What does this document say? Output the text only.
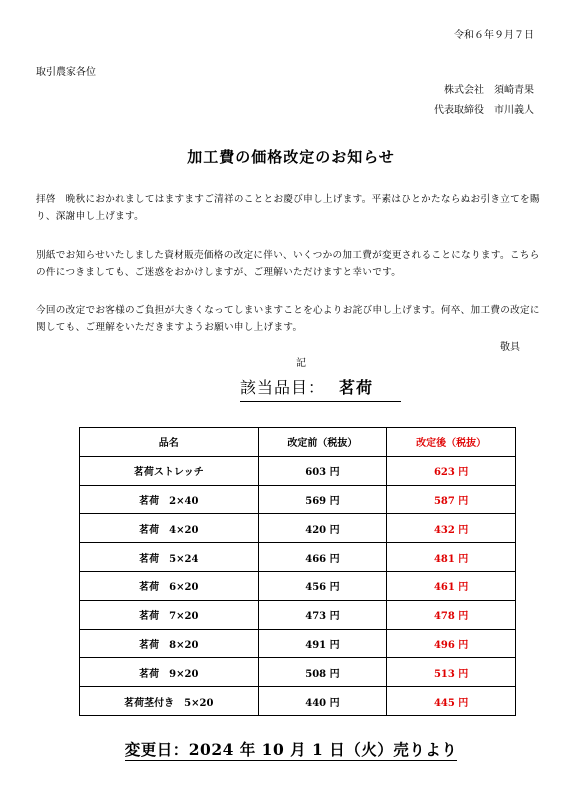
令和６年９月７日
取引農家各位
株式会社　須崎青果
代表取締役　市川義人
加工費の価格改定のお知らせ
拝啓　晩秋におかれましてはますますご清祥のこととお慶び申し上げます。平素はひとかたならぬお引き立てを賜り、深謝申し上げます。
別紙でお知らせいたしました資材販売価格の改定に伴い、いくつかの加工費が変更されることになります。こちらの件につきましても、ご迷惑をおかけしますが、ご理解いただけますと幸いです。
今回の改定でお客様のご負担が大きくなってしまいますことを心よりお詫び申し上げます。何卒、加工費の改定に関しても、ご理解をいただきますようお願い申し上げます。
敬具
記
該当品目： 茗荷
品名	改定前（税抜）	改定後（税抜）
茗荷ストレッチ	603 円	623 円
茗荷　2×40	569 円	587 円
茗荷　4×20	420 円	432 円
茗荷　5×24	466 円	481 円
茗荷　6×20	456 円	461 円
茗荷　7×20	473 円	478 円
茗荷　8×20	491 円	496 円
茗荷　9×20	508 円	513 円
茗荷茎付き　5×20	440 円	445 円
変更日：2024 年 10 月 1 日（火）売りより
